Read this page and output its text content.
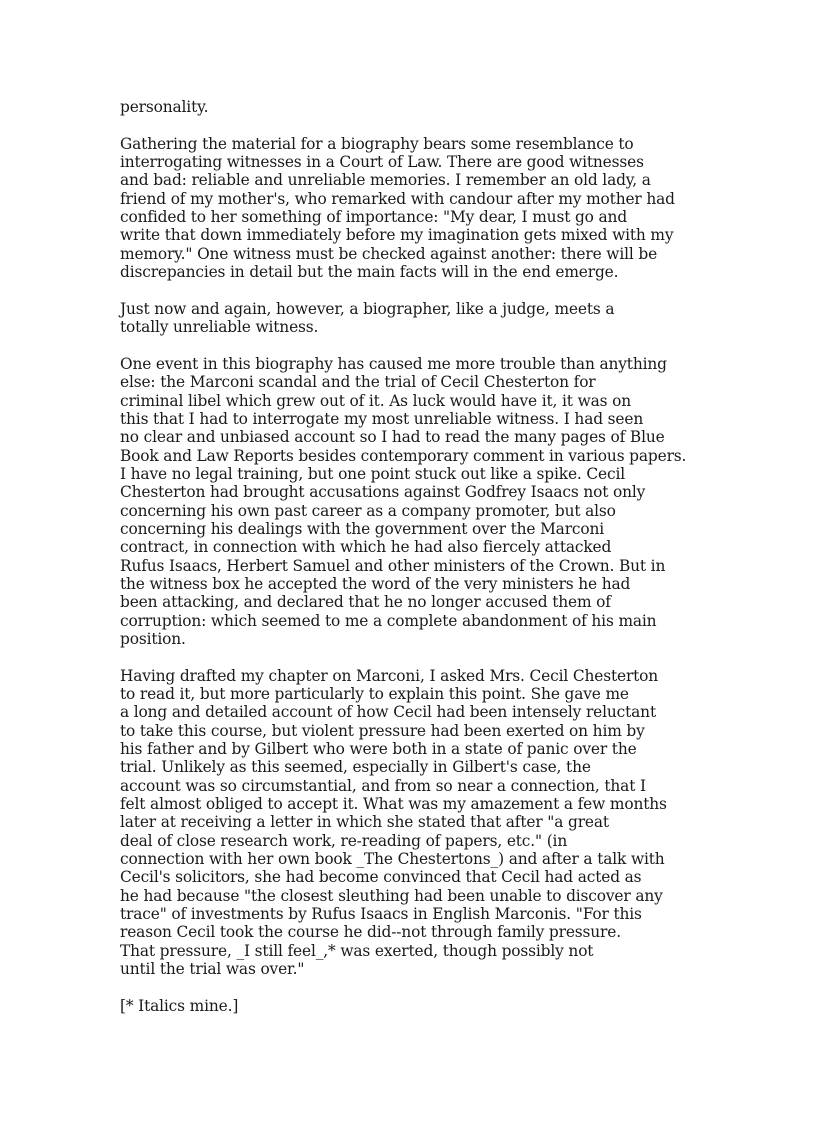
personality.
Gathering the material for a biography bears some resemblance to
interrogating witnesses in a Court of Law. There are good witnesses
and bad: reliable and unreliable memories. I remember an old lady, a
friend of my mother's, who remarked with candour after my mother had
confided to her something of importance: "My dear, I must go and
write that down immediately before my imagination gets mixed with my
memory." One witness must be checked against another: there will be
discrepancies in detail but the main facts will in the end emerge.
Just now and again, however, a biographer, like a judge, meets a
totally unreliable witness.
One event in this biography has caused me more trouble than anything
else: the Marconi scandal and the trial of Cecil Chesterton for
criminal libel which grew out of it. As luck would have it, it was on
this that I had to interrogate my most unreliable witness. I had seen
no clear and unbiased account so I had to read the many pages of Blue
Book and Law Reports besides contemporary comment in various papers.
I have no legal training, but one point stuck out like a spike. Cecil
Chesterton had brought accusations against Godfrey Isaacs not only
concerning his own past career as a company promoter, but also
concerning his dealings with the government over the Marconi
contract, in connection with which he had also fiercely attacked
Rufus Isaacs, Herbert Samuel and other ministers of the Crown. But in
the witness box he accepted the word of the very ministers he had
been attacking, and declared that he no longer accused them of
corruption: which seemed to me a complete abandonment of his main
position.
Having drafted my chapter on Marconi, I asked Mrs. Cecil Chesterton
to read it, but more particularly to explain this point. She gave me
a long and detailed account of how Cecil had been intensely reluctant
to take this course, but violent pressure had been exerted on him by
his father and by Gilbert who were both in a state of panic over the
trial. Unlikely as this seemed, especially in Gilbert's case, the
account was so circumstantial, and from so near a connection, that I
felt almost obliged to accept it. What was my amazement a few months
later at receiving a letter in which she stated that after "a great
deal of close research work, re-reading of papers, etc." (in
connection with her own book _The Chestertons_) and after a talk with
Cecil's solicitors, she had become convinced that Cecil had acted as
he had because "the closest sleuthing had been unable to discover any
trace" of investments by Rufus Isaacs in English Marconis. "For this
reason Cecil took the course he did--not through family pressure.
That pressure, _I still feel_,* was exerted, though possibly not
until the trial was over."
[* Italics mine.]
